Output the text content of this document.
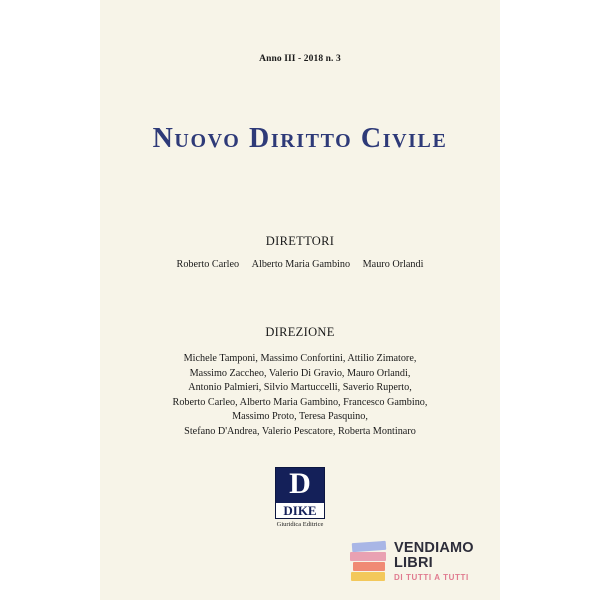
Anno III - 2018 n. 3
Nuovo Diritto Civile
DIRETTORI
Roberto Carleo Alberto Maria Gambino Mauro Orlandi
DIREZIONE
Michele Tamponi, Massimo Confortini, Attilio Zimatore,
Massimo Zaccheo, Valerio Di Gravio, Mauro Orlandi,
Antonio Palmieri, Silvio Martuccelli, Saverio Ruperto,
Roberto Carleo, Alberto Maria Gambino, Francesco Gambino,
Massimo Proto, Teresa Pasquino,
Stefano D'Andrea, Valerio Pescatore, Roberta Montinaro
D
DIKE
Giuridica Editrice
VENDIAMO
LIBRI
DI TUTTI A TUTTI
